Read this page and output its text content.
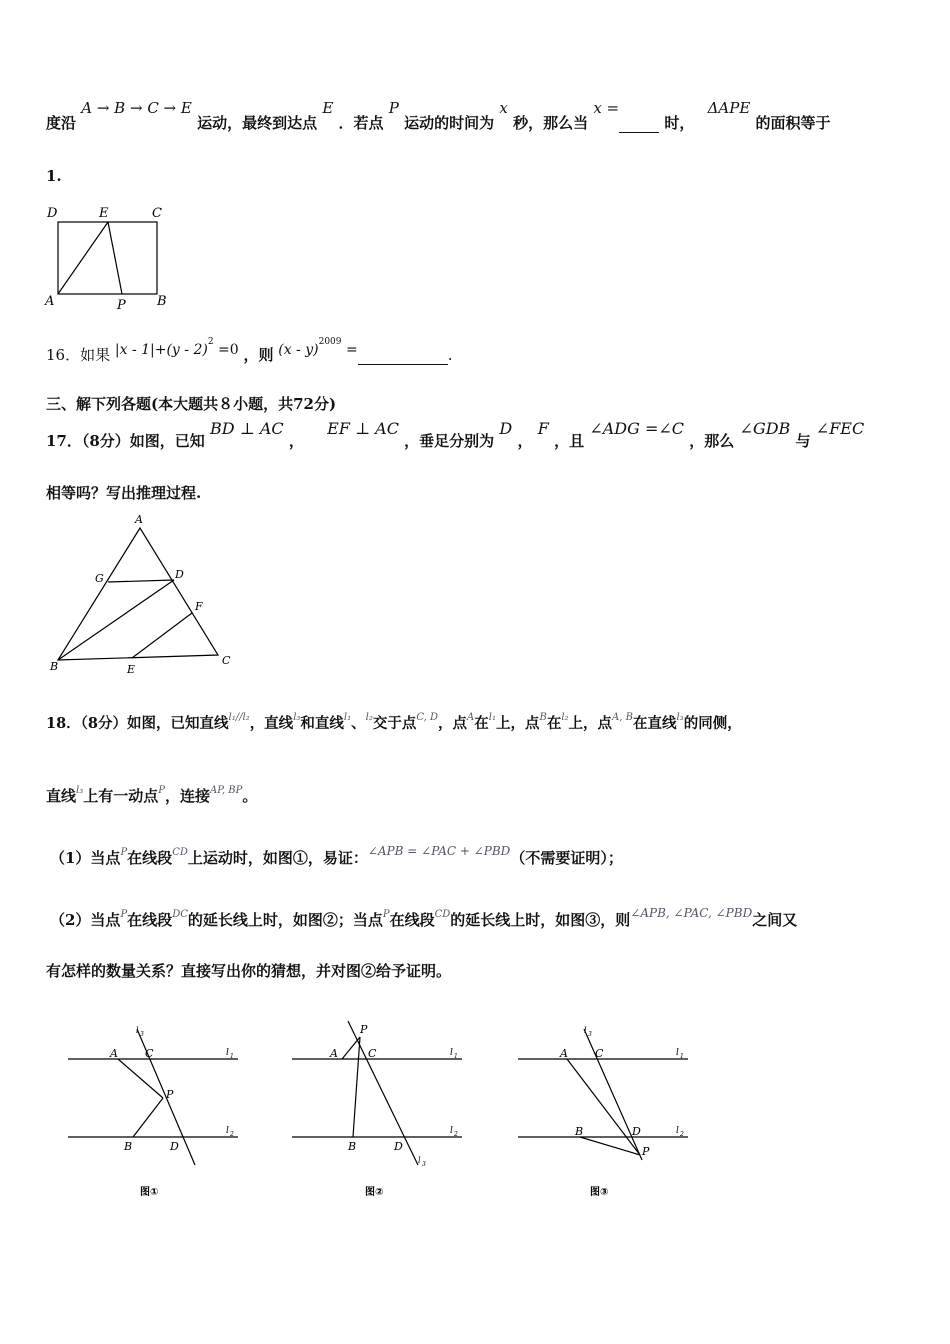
度沿 A → B → C → E 运动，最终到达点 E ．若点 P 运动的时间为 x 秒，那么当 x = 时， ΔAPE 的面积等于
1.
D	E	C
A	P B
16．如果 |x - 1|+(y - 2)$^2$ =0 ，则 (x - y)$^{2009}$ =	.
三、解下列各题(本大题共８小题，共72分)
17．（8分）如图，已知 BD ⊥ AC ， EF ⊥ AC ，垂足分别为 D ， F ，且 ∠ADG =∠C ，那么 ∠GDB 与 ∠FEC
相等吗？写出推理过程.
A
G	D
F
B	E
C
18．（8分）如图，已知直线$^{l_1//l_2}$，直线$^{l_3}$和直线$^{l_1}$、$^{l_2}$交于点$^{C, D}$，点$^A$在$^{l_1}$上，点$^B$在$^{l_2}$上，点$^{A, B}$在直线$^{l_3}$的同侧，
直线$^{l_3}$上有一动点$^P$，连接$^{AP, BP}$。
（1）当点$^P$在线段$^{CD}$上运动时，如图①，易证：$^{\angle APB = \angle PAC + \angle PBD}$（不需要证明）；
（2）当点$^P$在线段$^{DC}$的延长线上时，如图②；当点$^P$在线段$^{CD}$的延长线上时，如图③，则$^{\angle APB, \angle PAC, \angle PBD}$之间又
有怎样的数量关系？直接写出你的猜想，并对图②给予证明。
l 3
A C	l 1
P
B	D
l 2
图①
P
A	C	l 1
B	D
l 2
l 3
图②
l 3
A C	l 1
B	D
P
l 2
图③
